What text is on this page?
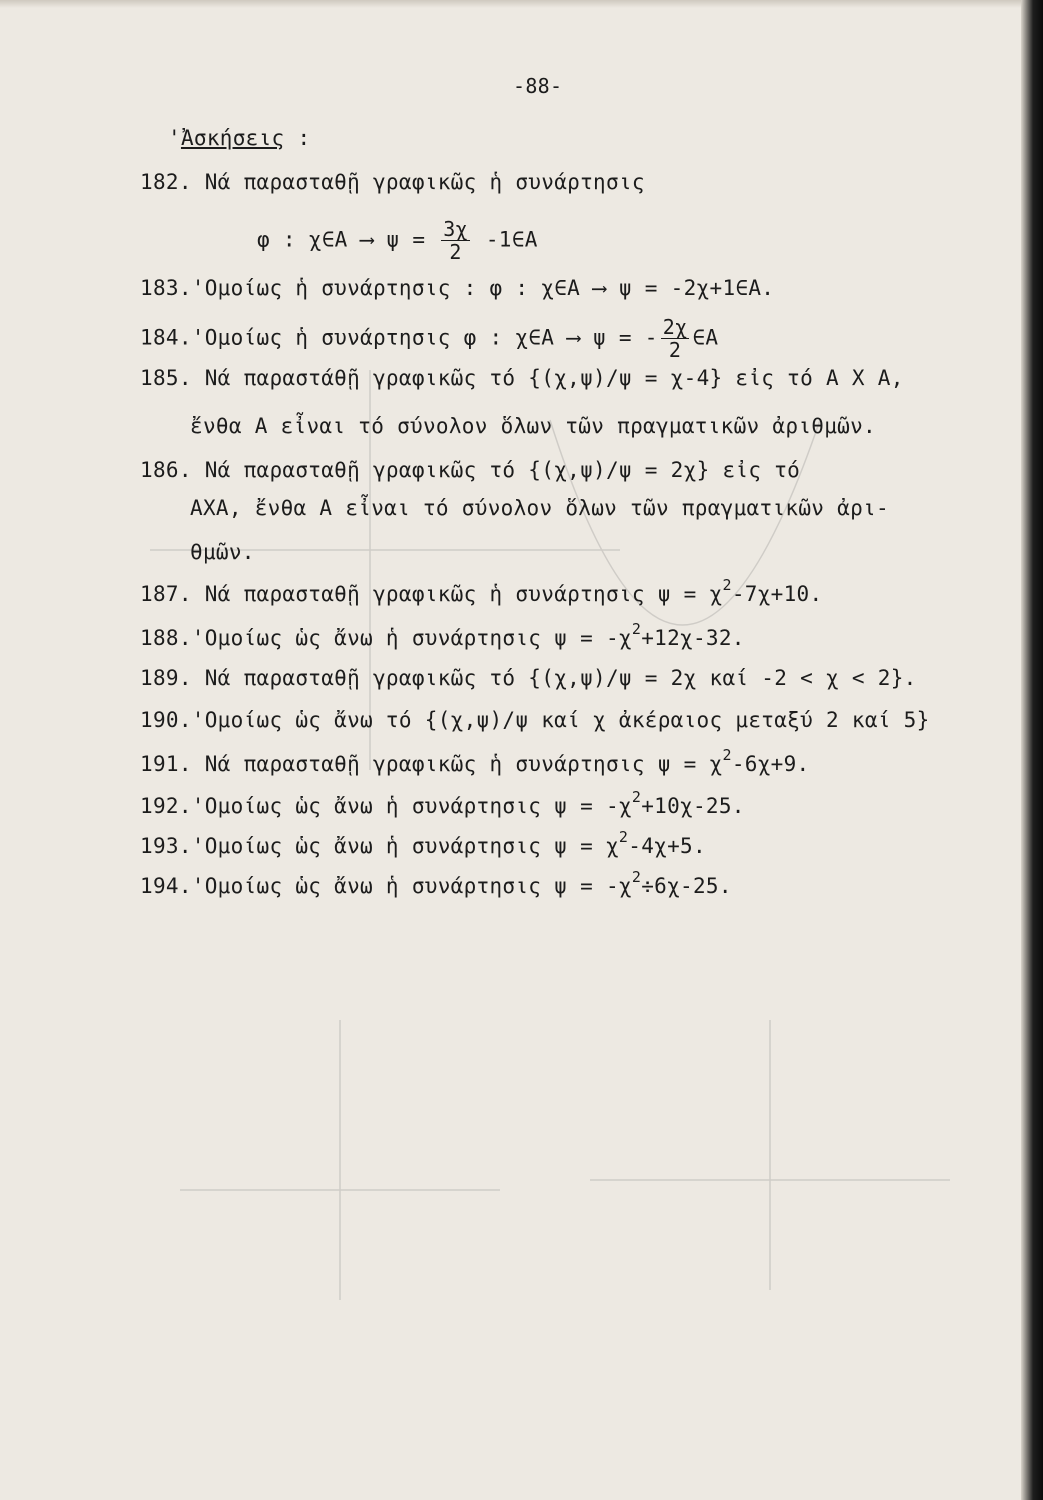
-88-
'Ἀσκήσεις :
182. Νά παρασταθῇ γραφικῶς ἡ συνάρτησις
φ : χ∈Α ⟶ $\psi = \frac{3\chi}{2}$ -1∈Α
183.'Ομοίως ἡ συνάρτησις : φ : χ∈Α ⟶ ψ = -2χ+1∈Α.
184.'Ομοίως ἡ συνάρτησις φ : χ∈Α ⟶ ψ = - $\frac{2\chi}{2}$ ∈Α
185. Νά παραστάθῇ γραφικῶς τό {(χ,ψ)/ψ = χ-4} εἰς τό Α Χ Α,
ἔνθα Α εἶναι τό σύνολον ὅλων τῶν πραγματικῶν ἀριθμῶν.
186. Νά παρασταθῇ γραφικῶς τό {(χ,ψ)/ψ = 2χ} εἰς τό
ΑΧΑ, ἔνθα Α εἶναι τό σύνολον ὅλων τῶν πραγματικῶν ἀρι-
θμῶν.
187. Νά παρασταθῇ γραφικῶς ἡ συνάρτησις $\psi = \chi^2-7\chi+10$.
188.'Ομοίως ὡς ἄνω ἡ συνάρτησις $\psi = -\chi^2+12\chi-32$.
189. Νά παρασταθῇ γραφικῶς τό {(χ,ψ)/ψ = 2χ καί -2 < χ < 2}.
190.'Ομοίως ὡς ἄνω τό {(χ,ψ)/ψ καί χ ἀκέραιος μεταξύ 2 καί 5}
191. Νά παρασταθῇ γραφικῶς ἡ συνάρτησις $\psi = \chi^2-6\chi+9$.
192.'Ομοίως ὡς ἄνω ἡ συνάρτησις $\psi = -\chi^2+10\chi-25$.
193.'Ομοίως ὡς ἄνω ἡ συνάρτησις $\psi = \chi^2-4\chi+5$.
194.'Ομοίως ὡς ἄνω ἡ συνάρτησις $\psi = -\chi^2\div 6\chi-25$.
